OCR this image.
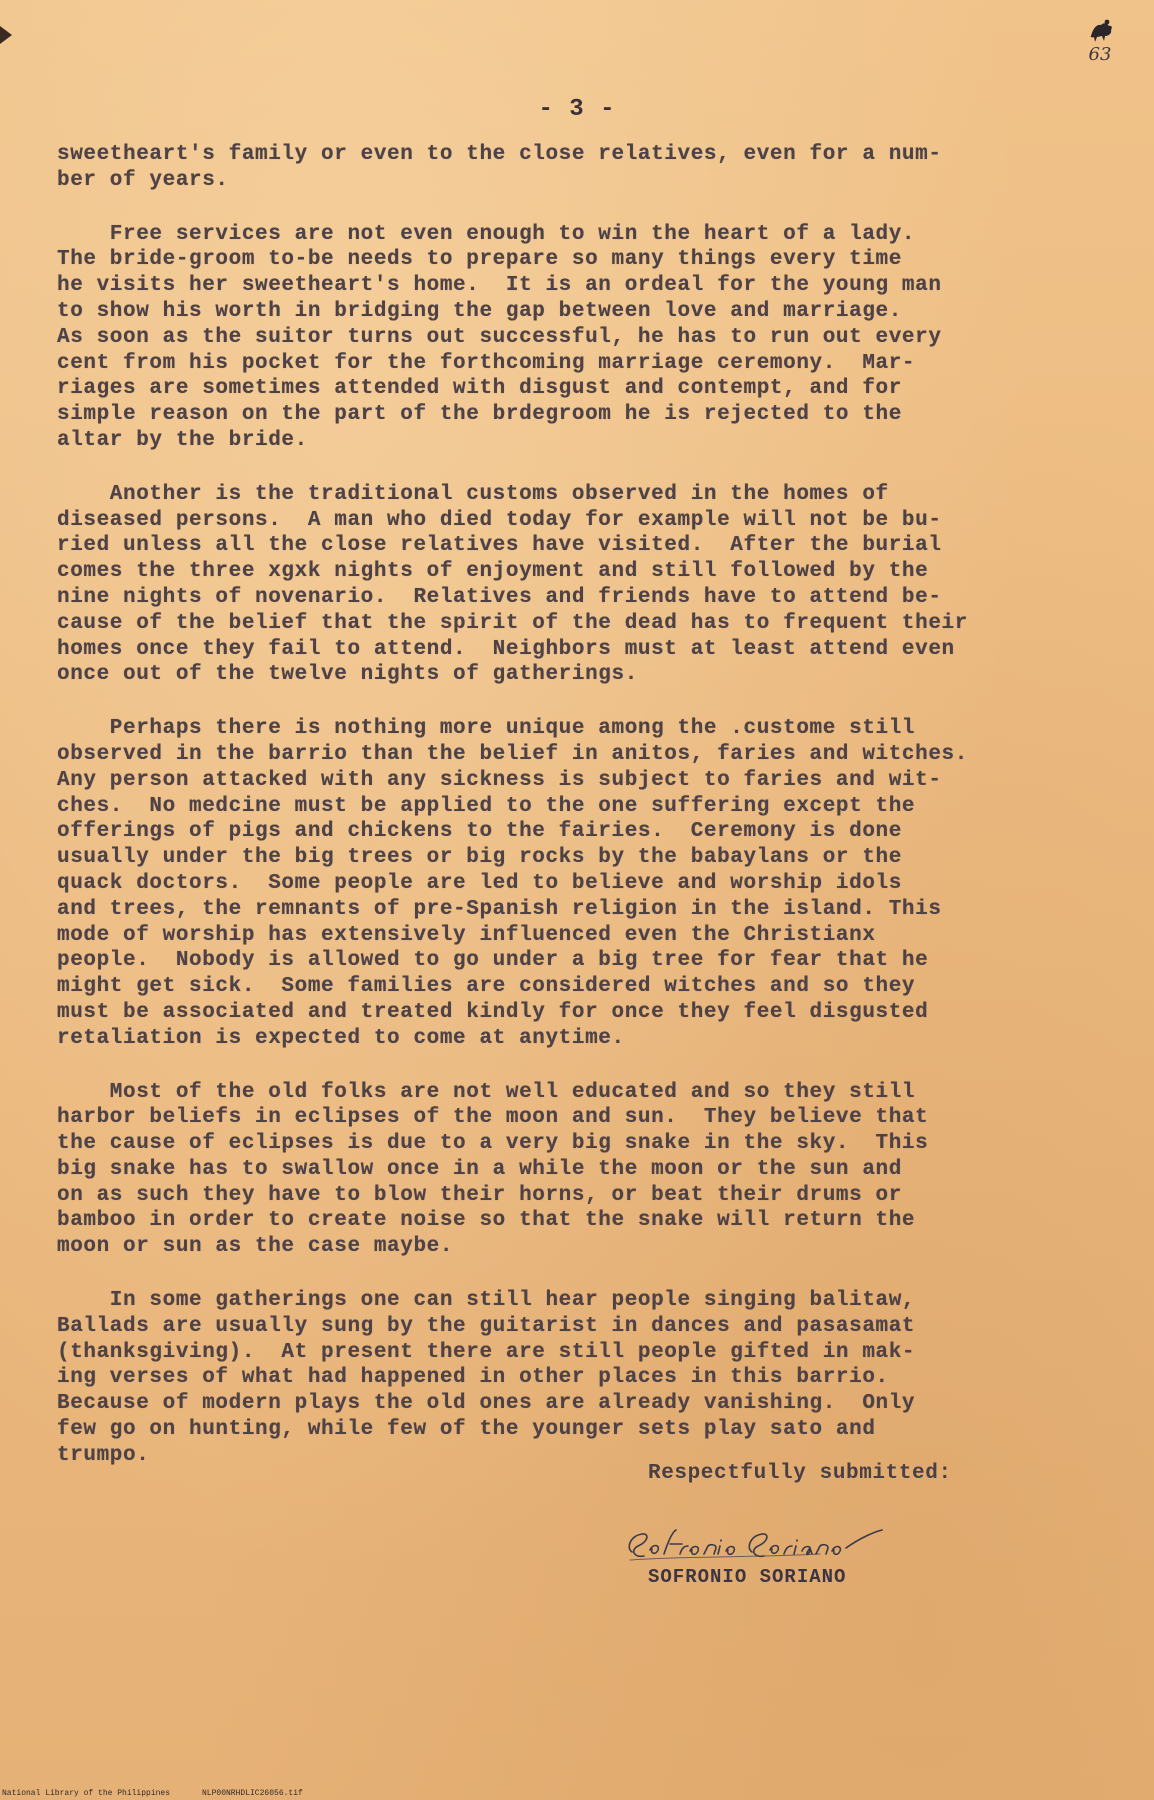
63
- 3 -
sweetheart's family or even to the close relatives, even for a num-
ber of years.
Free services are not even enough to win the heart of a lady.
The bride-groom to-be needs to prepare so many things every time
he visits her sweetheart's home.  It is an ordeal for the young man
to show his worth in bridging the gap between love and marriage.
As soon as the suitor turns out successful, he has to run out every
cent from his pocket for the forthcoming marriage ceremony.  Mar-
riages are sometimes attended with disgust and contempt, and for
simple reason on the part of the brdegroom he is rejected to the
altar by the bride.
Another is the traditional customs observed in the homes of
diseased persons.  A man who died today for example will not be bu-
ried unless all the close relatives have visited.  After the burial
comes the three xgxk nights of enjoyment and still followed by the
nine nights of novenario.  Relatives and friends have to attend be-
cause of the belief that the spirit of the dead has to frequent their
homes once they fail to attend.  Neighbors must at least attend even
once out of the twelve nights of gatherings.
Perhaps there is nothing more unique among the .custome still
observed in the barrio than the belief in anitos, faries and witches.
Any person attacked with any sickness is subject to faries and wit-
ches.  No medcine must be applied to the one suffering except the
offerings of pigs and chickens to the fairies.  Ceremony is done
usually under the big trees or big rocks by the babaylans or the
quack doctors.  Some people are led to believe and worship idols
and trees, the remnants of pre-Spanish religion in the island. This
mode of worship has extensively influenced even the Christianx
people.  Nobody is allowed to go under a big tree for fear that he
might get sick.  Some families are considered witches and so they
must be associated and treated kindly for once they feel disgusted
retaliation is expected to come at anytime.
Most of the old folks are not well educated and so they still
harbor beliefs in eclipses of the moon and sun.  They believe that
the cause of eclipses is due to a very big snake in the sky.  This
big snake has to swallow once in a while the moon or the sun and
on as such they have to blow their horns, or beat their drums or
bamboo in order to create noise so that the snake will return the
moon or sun as the case maybe.
In some gatherings one can still hear people singing balitaw,
Ballads are usually sung by the guitarist in dances and pasasamat
(thanksgiving).  At present there are still people gifted in mak-
ing verses of what had happened in other places in this barrio.
Because of modern plays the old ones are already vanishing.  Only
few go on hunting, while few of the younger sets play sato and
trumpo.
Respectfully submitted:
SOFRONIO SORIANO
National Library of the Philippines	NLP00NRHDLIC26056.tif
